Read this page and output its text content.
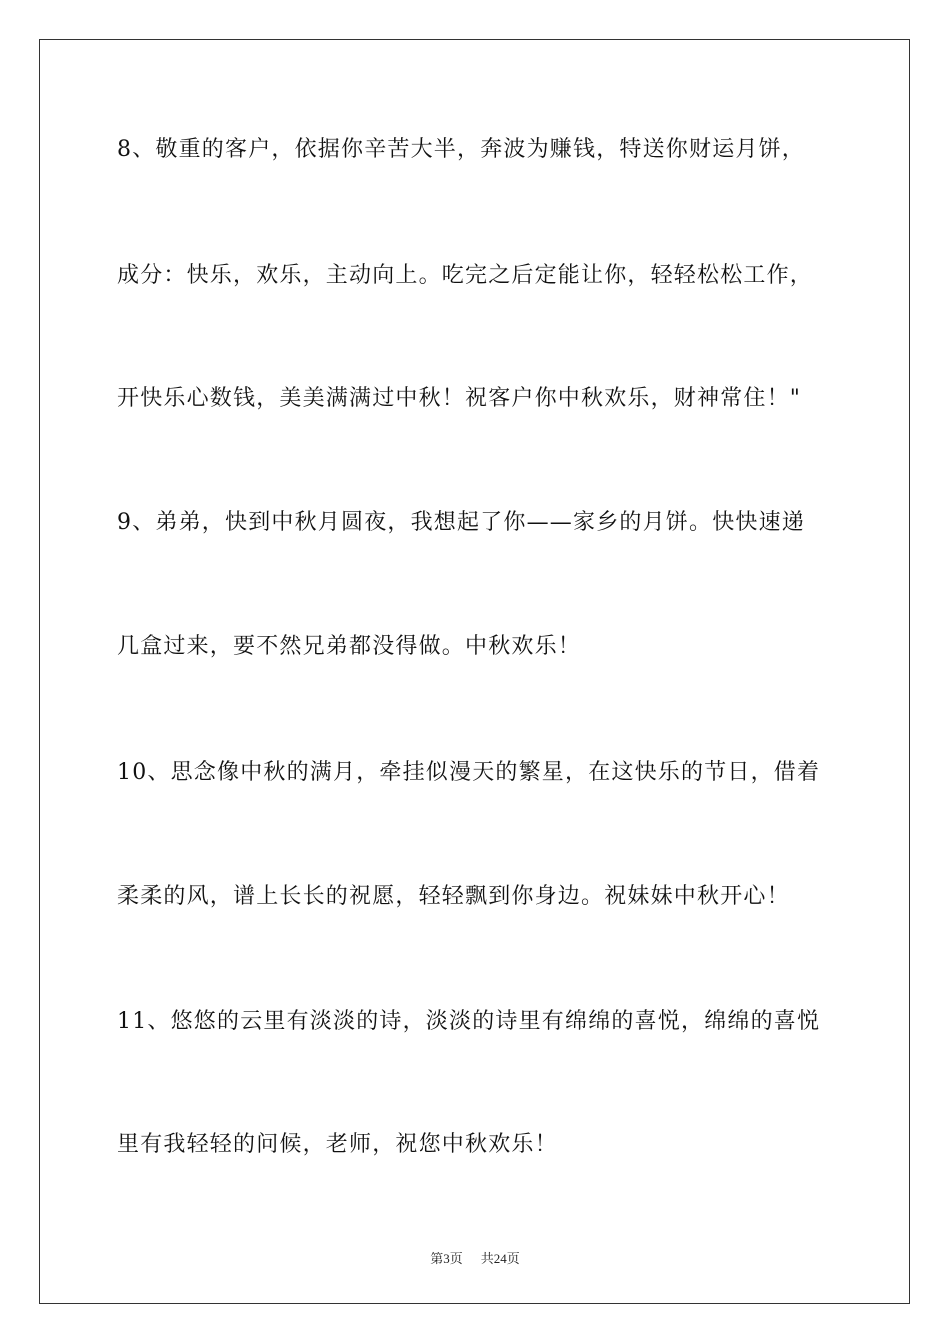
8、敬重的客户，依据你辛苦大半，奔波为赚钱，特送你财运月饼，

成分：快乐，欢乐，主动向上。吃完之后定能让你，轻轻松松工作，

开快乐心数钱，美美满满过中秋！祝客户你中秋欢乐，财神常住！"

9、弟弟，快到中秋月圆夜，我想起了你——家乡的月饼。快快速递

几盒过来，要不然兄弟都没得做。中秋欢乐！

10、思念像中秋的满月，牵挂似漫天的繁星，在这快乐的节日，借着

柔柔的风，谱上长长的祝愿，轻轻飘到你身边。祝妹妹中秋开心！

11、悠悠的云里有淡淡的诗，淡淡的诗里有绵绵的喜悦，绵绵的喜悦

里有我轻轻的问候，老师，祝您中秋欢乐！

第3页 共24页
